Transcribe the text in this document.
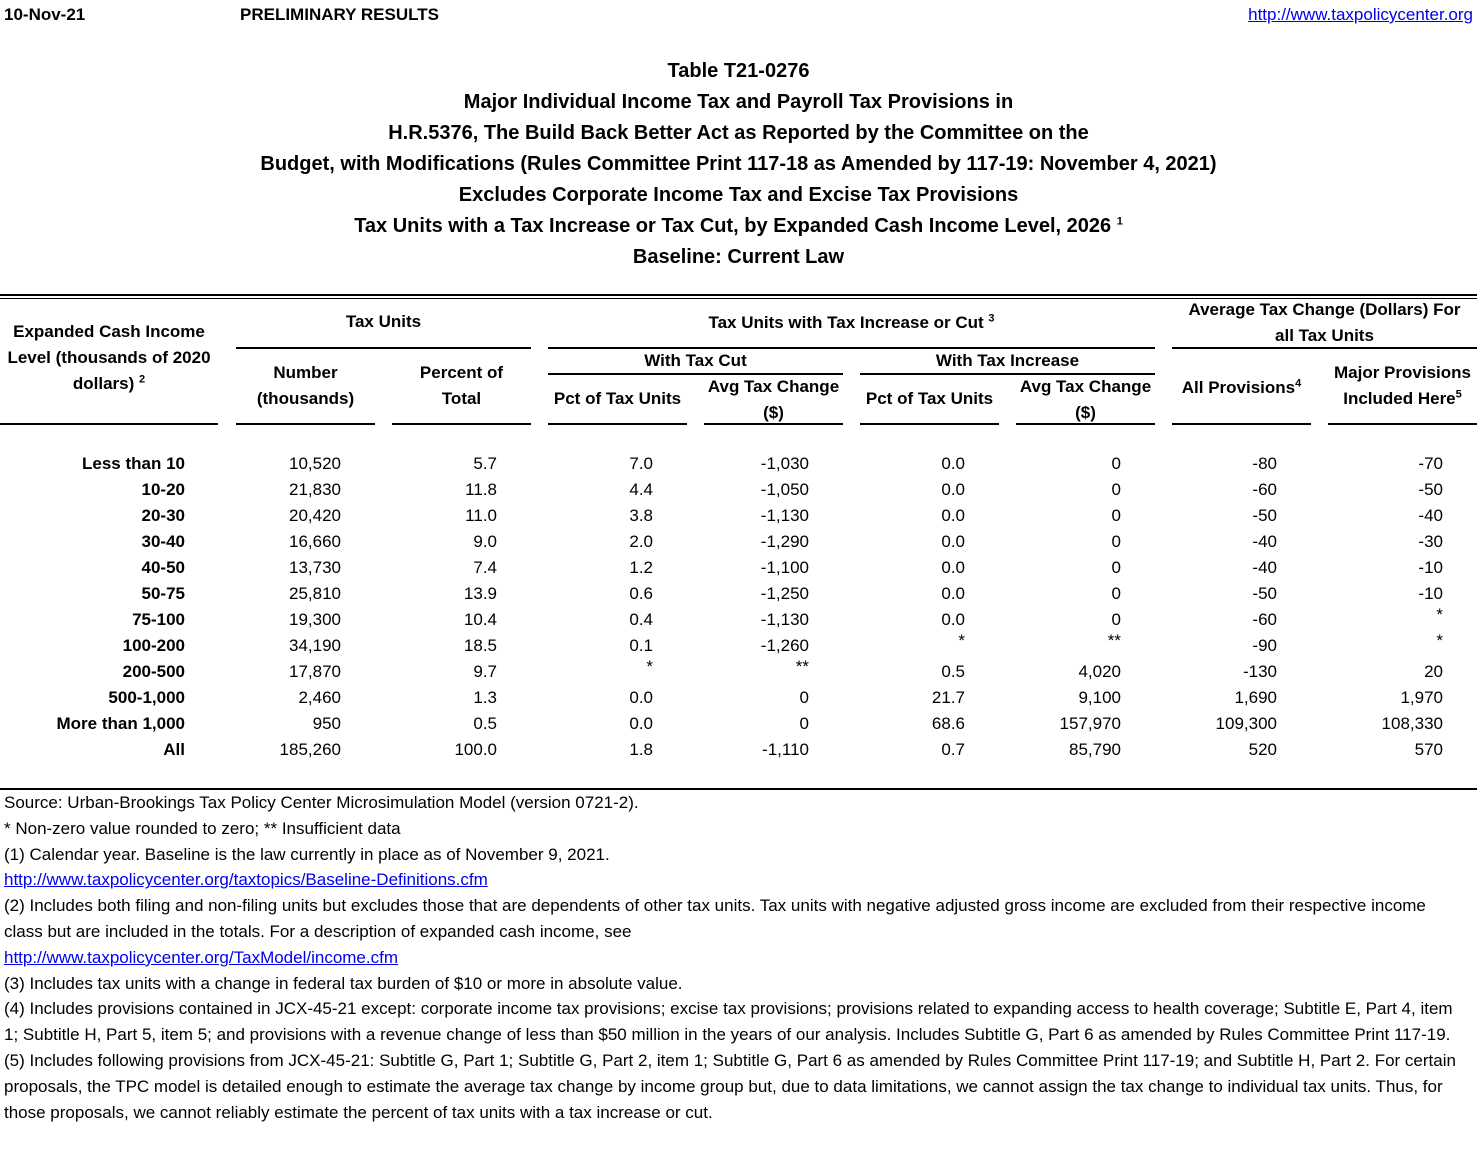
10-Nov-21	PRELIMINARY RESULTS	http://www.taxpolicycenter.org
Table T21-0276
Major Individual Income Tax and Payroll Tax Provisions in
H.R.5376, The Build Back Better Act as Reported by the Committee on the
Budget, with Modifications (Rules Committee Print 117-18 as Amended by 117-19: November 4, 2021)
Excludes Corporate Income Tax and Excise Tax Provisions
Tax Units with a Tax Increase or Tax Cut, by Expanded Cash Income Level, 2026 $^1$
Baseline: Current Law
Expanded Cash Income
Level (thousands of 2020
dollars) $^2$
Tax Units
Number
(thousands)
Percent of
Total
Tax Units with Tax Increase or Cut $^3$
With Tax Cut	With Tax Increase
Pct of Tax Units
Avg Tax Change
($)
Pct of Tax Units
Avg Tax Change
($)
Average Tax Change (Dollars) For
all Tax Units
All Provisions$^4$
Major Provisions
Included Here$^5$
Less than 10	10,520	5.7	7.0	-1,030	0.0	0	-80	-70
10-20	21,830	11.8	4.4	-1,050	0.0	0	-60	-50
20-30	20,420	11.0	3.8	-1,130	0.0	0	-50	-40
30-40	16,660	9.0	2.0	-1,290	0.0	0	-40	-30
40-50	13,730	7.4	1.2	-1,100	0.0	0	-40	-10
50-75	25,810	13.9	0.6	-1,250	0.0	0	-50	-10
75-100	19,300	10.4	0.4	-1,130	0.0	0	-60	*
100-200	34,190	18.5	0.1	-1,260	*	**	-90	*
200-500	17,870	9.7	*	**	0.5	4,020	-130	20
500-1,000	2,460	1.3	0.0	0	21.7	9,100	1,690	1,970
More than 1,000	950	0.5	0.0	0	68.6	157,970	109,300	108,330
All	185,260	100.0	1.8	-1,110	0.7	85,790	520	570
Source: Urban-Brookings Tax Policy Center Microsimulation Model (version 0721-2).
* Non-zero value rounded to zero; ** Insufficient data
(1) Calendar year. Baseline is the law currently in place as of November 9, 2021.
http://www.taxpolicycenter.org/taxtopics/Baseline-Definitions.cfm
(2) Includes both filing and non-filing units but excludes those that are dependents of other tax units. Tax units with negative adjusted gross income are excluded from their respective income class but are included in the totals. For a description of expanded cash income, see
http://www.taxpolicycenter.org/TaxModel/income.cfm
(3) Includes tax units with a change in federal tax burden of $10 or more in absolute value.
(4) Includes provisions contained in JCX-45-21 except: corporate income tax provisions; excise tax provisions; provisions related to expanding access to health coverage; Subtitle E, Part 4, item 1; Subtitle H, Part 5, item 5; and provisions with a revenue change of less than $50 million in the years of our analysis. Includes Subtitle G, Part 6 as amended by Rules Committee Print 117-19.
(5) Includes following provisions from JCX-45-21: Subtitle G, Part 1; Subtitle G, Part 2, item 1; Subtitle G, Part 6 as amended by Rules Committee Print 117-19; and Subtitle H, Part 2. For certain proposals, the TPC model is detailed enough to estimate the average tax change by income group but, due to data limitations, we cannot assign the tax change to individual tax units. Thus, for those proposals, we cannot reliably estimate the percent of tax units with a tax increase or cut.
